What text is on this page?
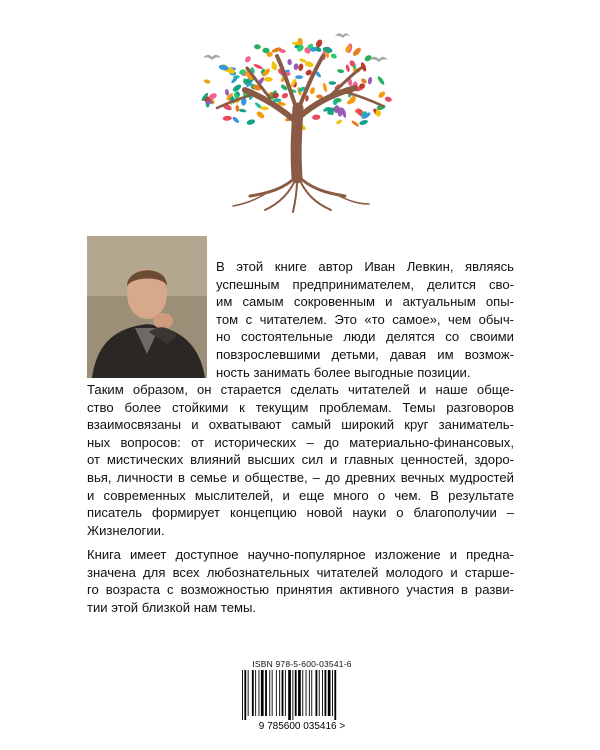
В этой книге автор Иван Левкин, являясь
успешным предпринимателем, делится сво-
им самым сокровенным и актуальным опы-
том с читателем. Это «то самое», чем обыч-
но состоятельные люди делятся со своими
повзрослевшими детьми, давая им возмож-
ность занимать более выгодные позиции.

Таким образом, он старается сделать читателей и наше обще-
ство более стойкими к текущим проблемам. Темы разговоров
взаимосвязаны и охватывают самый широкий круг заниматель-
ных вопросов: от исторических – до материально-финансовых,
от мистических влияний высших сил и главных ценностей, здоро-
вья, личности в семье и обществе, – до древних вечных мудростей
и современных мыслителей, и еще много о чем. В результате
писатель формирует концепцию новой науки о благополучии –
Жизнелогии.

Книга имеет доступное научно-популярное изложение и предна-
значена для всех любознательных читателей молодого и старше-
го возраста с возможностью принятия активного участия в разви-
тии этой близкой нам темы.

ISBN 978-5-600-03541-6
9 785600 035416 >
